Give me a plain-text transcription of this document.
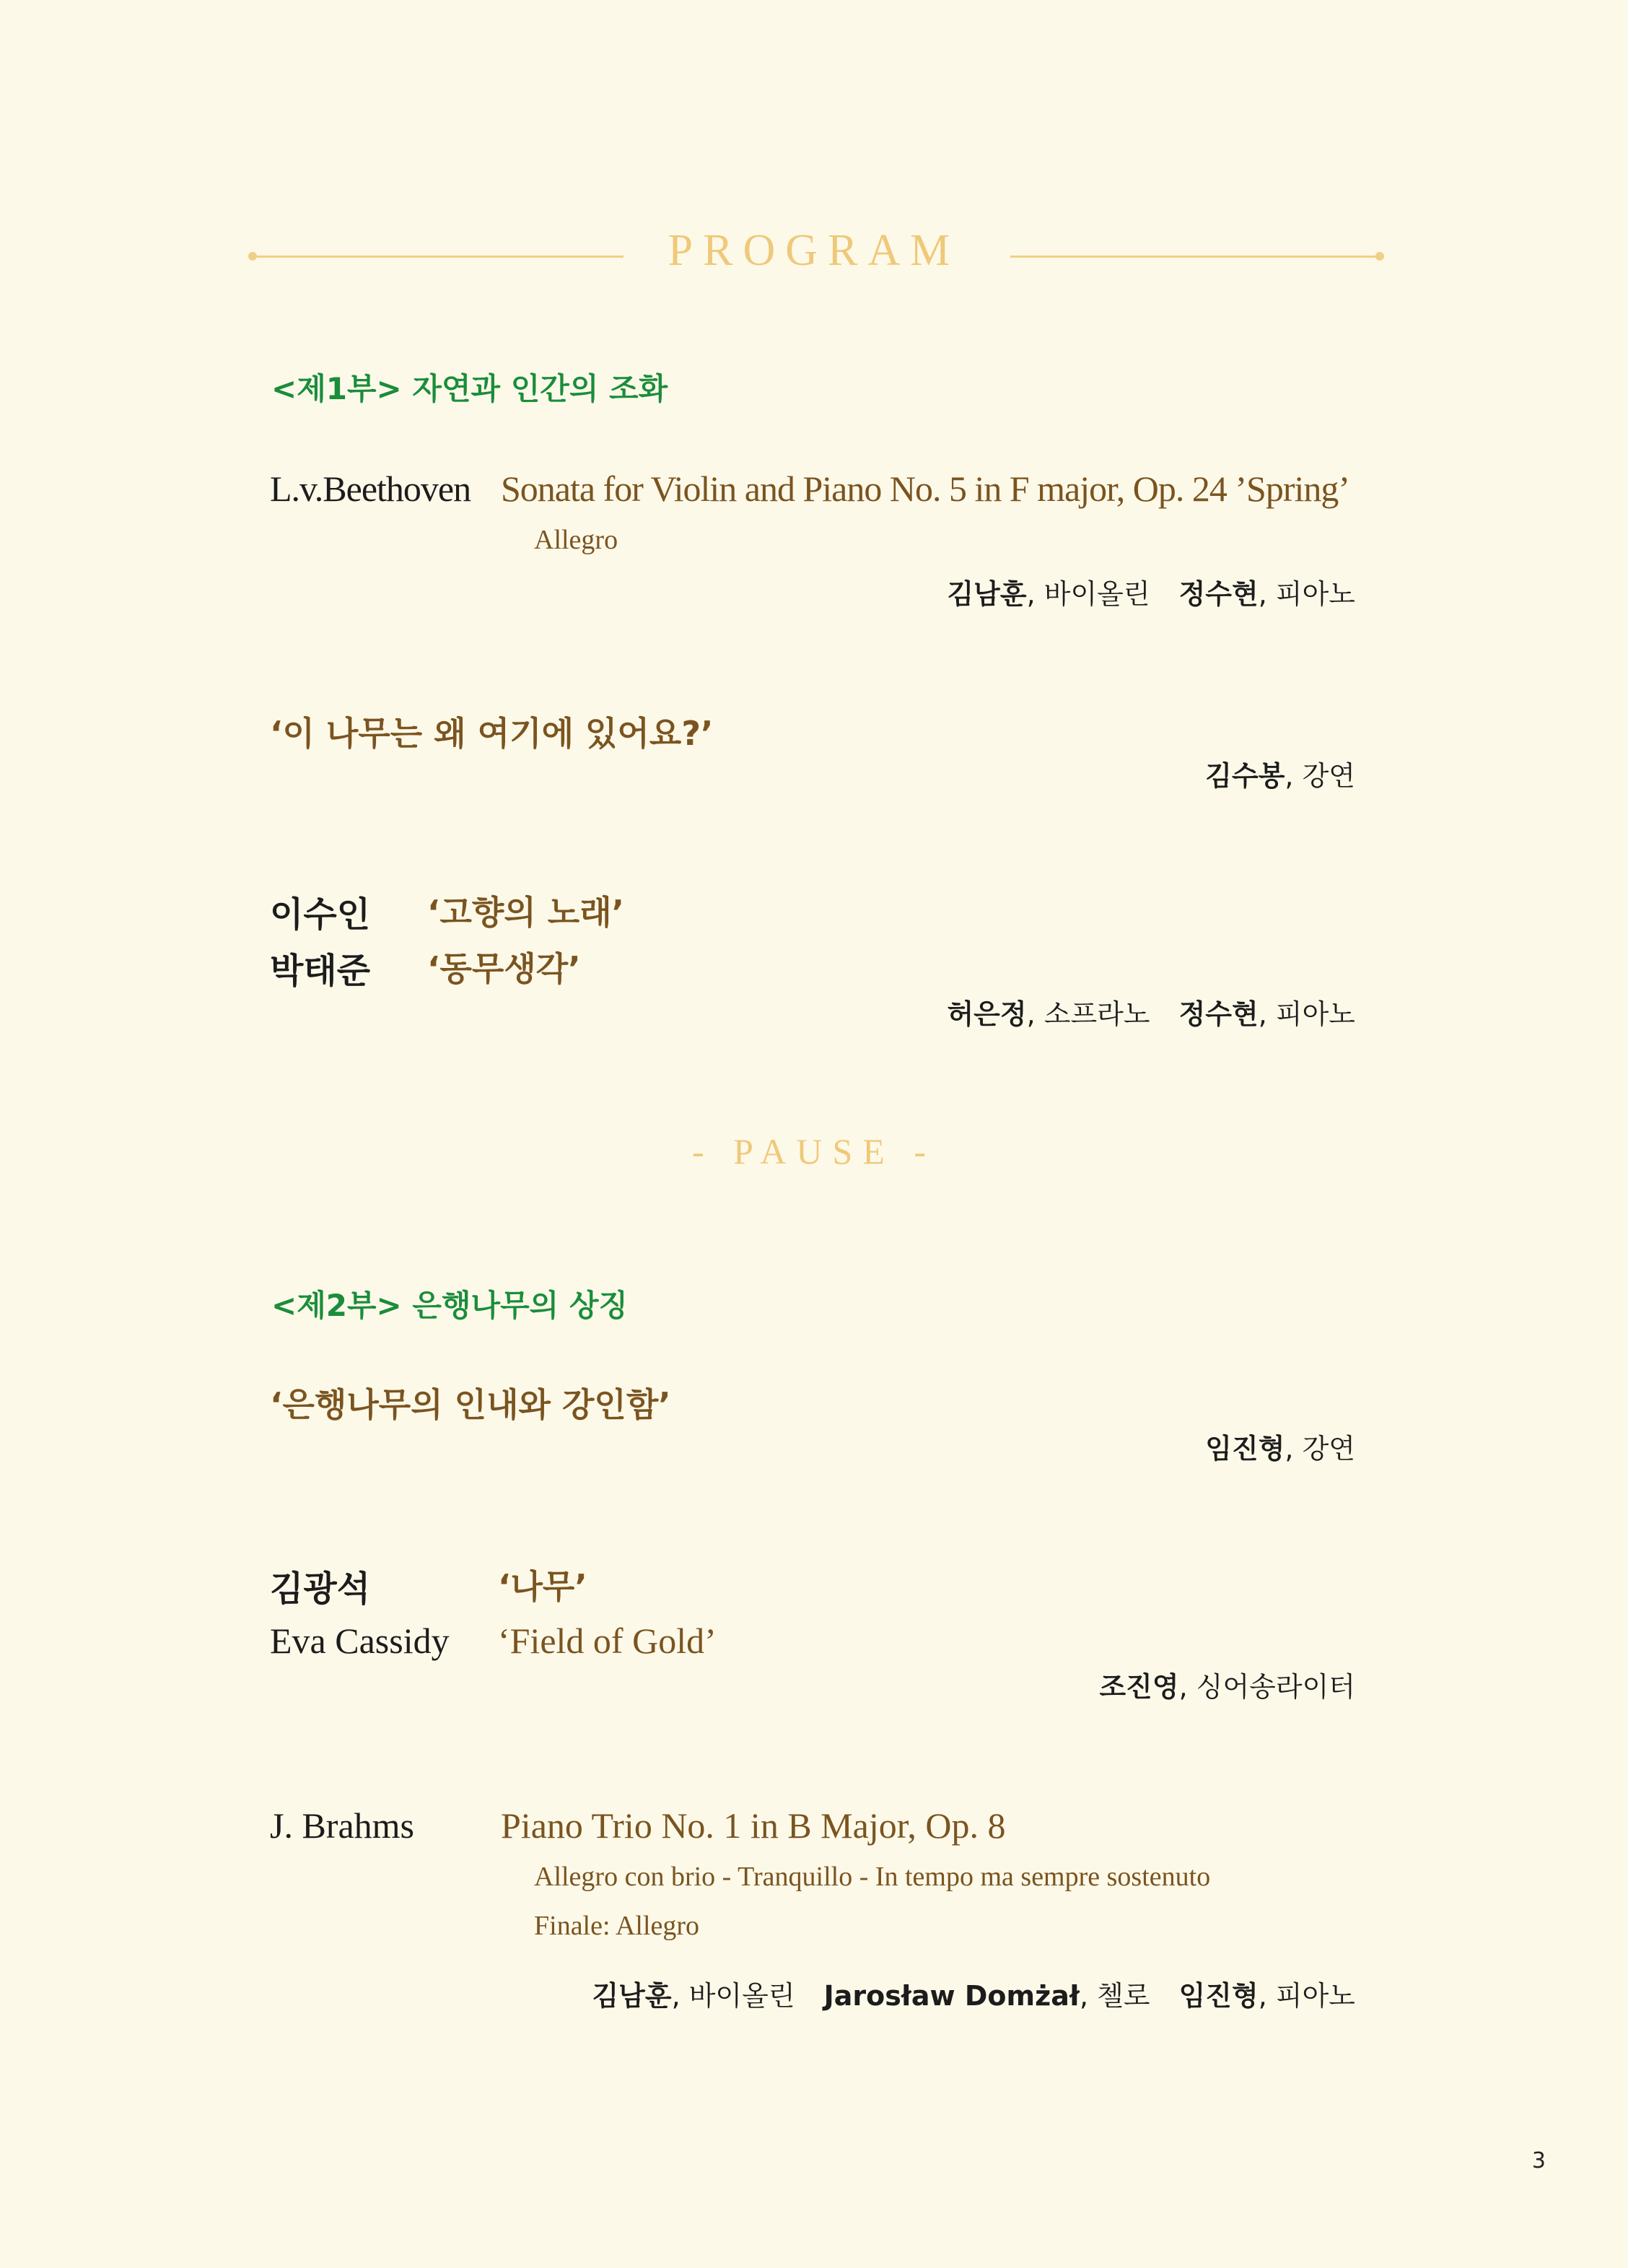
PROGRAM
<제1부> 자연과 인간의 조화
L.v.Beethoven Sonata for Violin and Piano No. 5 in F major, Op. 24 ’Spring’
Allegro
김남훈, 바이올린 정수현, 피아노
‘이 나무는 왜 여기에 있어요?’
김수봉, 강연
이수인 ‘고향의 노래’
박태준 ‘동무생각’
허은정, 소프라노 정수현, 피아노
- PAUSE -
<제2부> 은행나무의 상징
‘은행나무의 인내와 강인함’
임진형, 강연
김광석	‘나무’
Eva Cassidy ‘Field of Gold’
조진영, 싱어송라이터
J. Brahms Piano Trio No. 1 in B Major, Op. 8
Allegro con brio - Tranquillo - In tempo ma sempre sostenuto
Finale: Allegro
김남훈, 바이올린 Jarosław Domżał, 첼로 임진형, 피아노
3
